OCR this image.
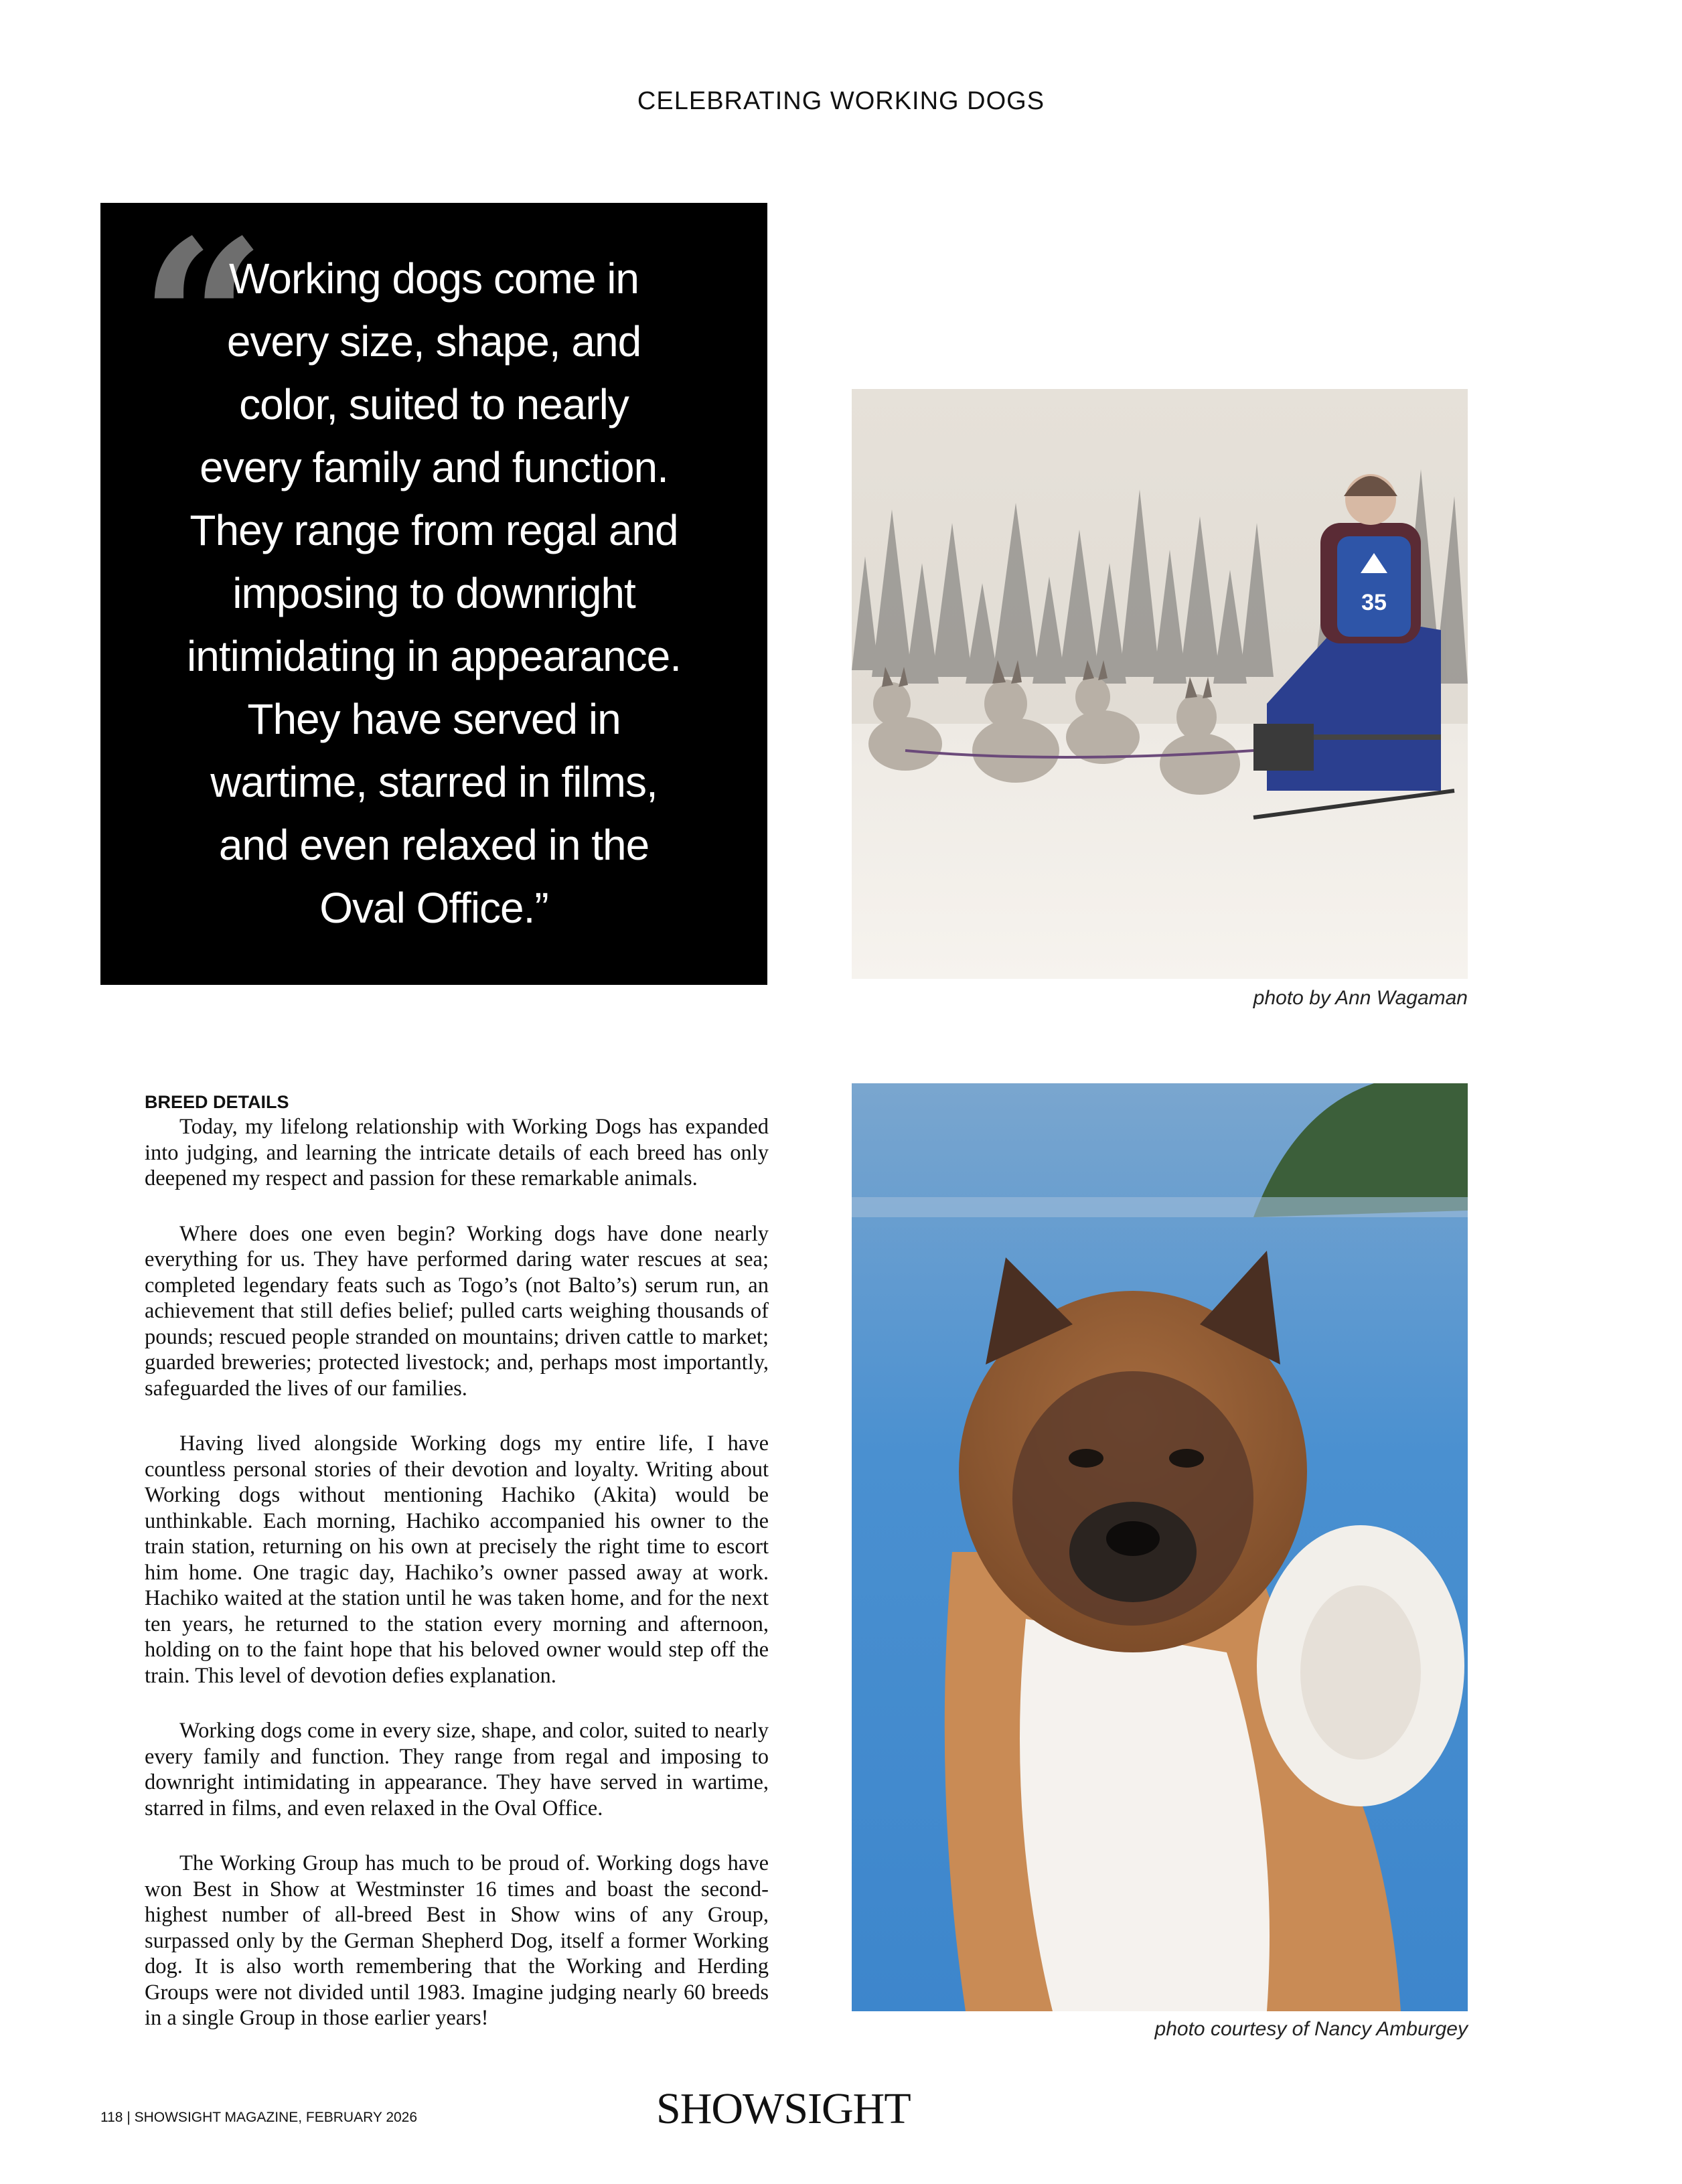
CELEBRATING WORKING DOGS
“
Working dogs come in
every size, shape, and
color, suited to nearly
every family and function.
They range from regal and
imposing to downright
intimidating in appearance.
They have served in
wartime, starred in films,
and even relaxed in the
Oval Office.”
35
photo by Ann Wagaman
photo courtesy of Nancy Amburgey
BREED DETAILS

Today, my lifelong relationship with Working Dogs has expanded into judging, and learning the intricate details of each breed has only deepened my respect and passion for these remarkable animals.

Where does one even begin? Working dogs have done nearly everything for us. They have performed daring water rescues at sea; completed legendary feats such as Togo’s (not Balto’s) serum run, an achievement that still defies belief; pulled carts weighing thousands of pounds; rescued people stranded on mountains; driven cattle to market; guarded breweries; protected livestock; and, perhaps most importantly, safeguarded the lives of our families.

Having lived alongside Working dogs my entire life, I have countless personal stories of their devotion and loyalty. Writing about Working dogs without mentioning Hachiko (Akita) would be unthinkable. Each morning, Hachiko accompanied his owner to the train station, returning on his own at precisely the right time to escort him home. One tragic day, Hachiko’s owner passed away at work. Hachiko waited at the station until he was taken home, and for the next ten years, he returned to the station every morning and afternoon, holding on to the faint hope that his beloved owner would step off the train. This level of devotion defies explanation.

Working dogs come in every size, shape, and color, suited to nearly every family and function. They range from regal and imposing to downright intimidating in appearance. They have served in wartime, starred in films, and even relaxed in the Oval Office.

The Working Group has much to be proud of. Working dogs have won Best in Show at Westminster 16 times and boast the second-highest number of all-breed Best in Show wins of any Group, surpassed only by the German Shepherd Dog, itself a former Working dog. It is also worth remembering that the Working and Herding Groups were not divided until 1983. Imagine judging nearly 60 breeds in a single Group in those earlier years!

118 | SHOWSIGHT MAGAZINE, FEBRUARY 2026	SHOWSIGHT
